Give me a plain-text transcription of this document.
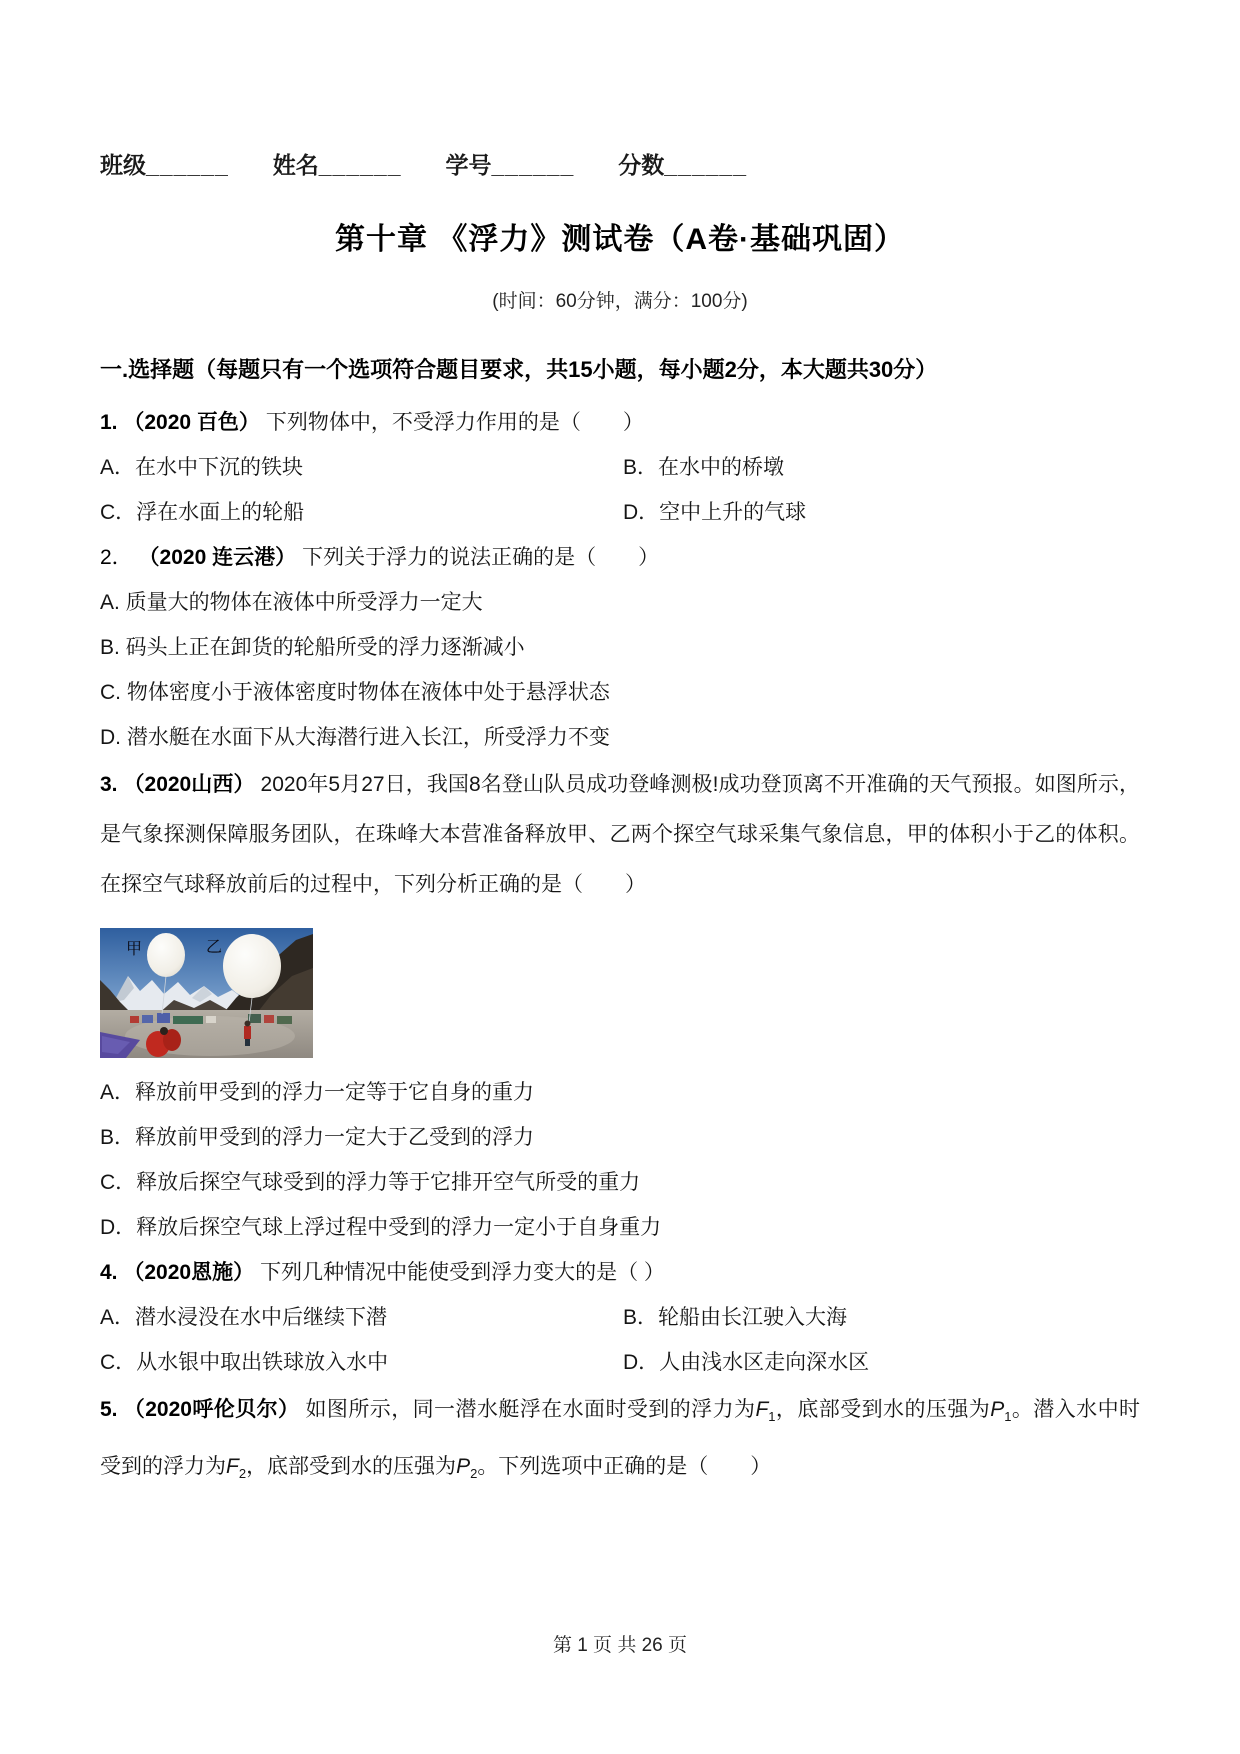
班级______ 姓名______ 学号______ 分数______
第十章 《浮力》测试卷（A卷·基础巩固）
(时间：60分钟，满分：100分)
一.选择题（每题只有一个选项符合题目要求，共15小题，每小题2分，本大题共30分）

1. （2020 百色） 下列物体中，不受浮力作用的是（　　）

A．在水中下沉的铁块	B．在水中的桥墩
C．浮在水面上的轮船	D．空中上升的气球

2． （2020 连云港） 下列关于浮力的说法正确的是（　　）

A. 质量大的物体在液体中所受浮力一定大
B. 码头上正在卸货的轮船所受的浮力逐渐减小
C. 物体密度小于液体密度时物体在液体中处于悬浮状态
D. 潜水艇在水面下从大海潜行进入长江，所受浮力不变

3. （2020山西） 2020年5月27日，我国8名登山队员成功登峰测极!成功登顶离不开准确的天气预报。如图所示，是气象探测保障服务团队，在珠峰大本营准备释放甲、乙两个探空气球采集气象信息，甲的体积小于乙的体积。在探空气球释放前后的过程中，下列分析正确的是（　　）

甲	乙
A．释放前甲受到的浮力一定等于它自身的重力
B．释放前甲受到的浮力一定大于乙受到的浮力
C．释放后探空气球受到的浮力等于它排开空气所受的重力
D．释放后探空气球上浮过程中受到的浮力一定小于自身重力

4. （2020恩施） 下列几种情况中能使受到浮力变大的是（ ）

A．潜水浸没在水中后继续下潜	B．轮船由长江驶入大海
C．从水银中取出铁球放入水中	D．人由浅水区走向深水区

5. （2020呼伦贝尔） 如图所示，同一潜水艇浮在水面时受到的浮力为$F_1$，底部受到水的压强为$P_1$。潜入水中时受到的浮力为$F_2$，底部受到水的压强为$P_2$。下列选项中正确的是（　　）

第 1 页 共 26 页
